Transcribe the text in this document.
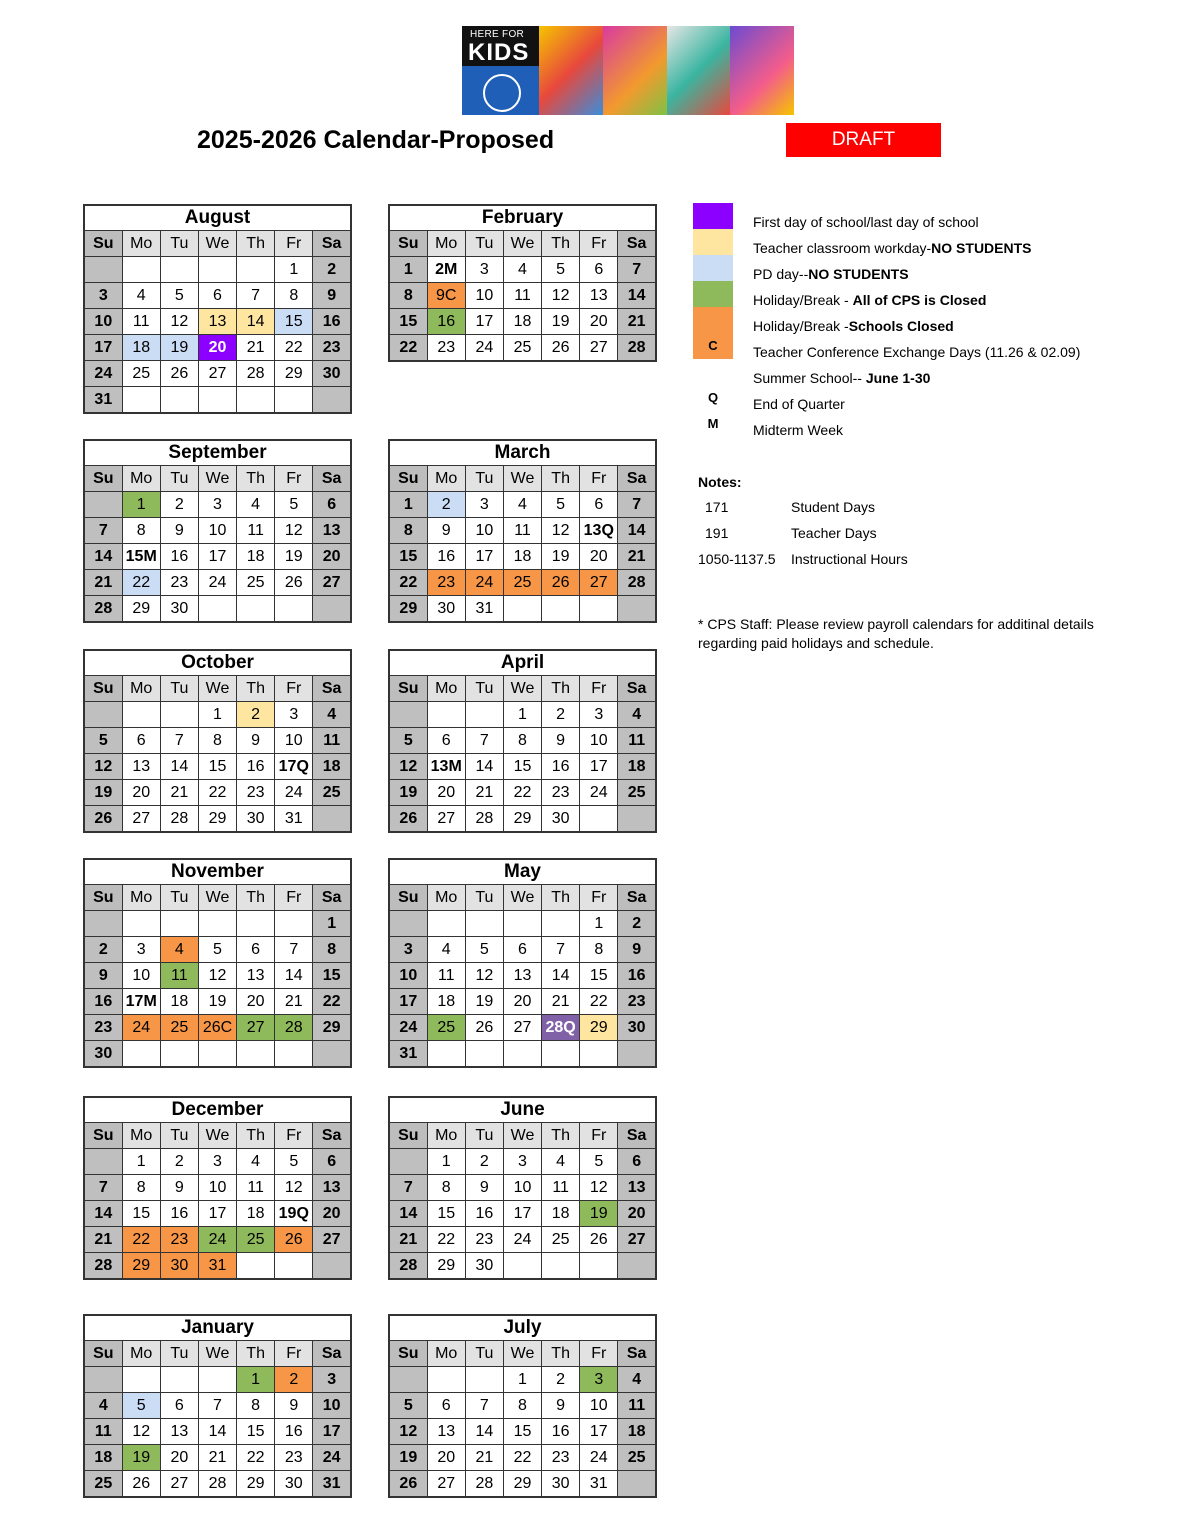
HERE FOR
KIDS
2025-2026 Calendar-Proposed	DRAFT
August						
Su	Mo	Tu	We	Th	Fr	Sa
					1	2
3	4	5	6	7	8	9
10	11	12	13	14	15	16
17	18	19	20	21	22	23
24	25	26	27	28	29	30
31						
September						
Su	Mo	Tu	We	Th	Fr	Sa
	1	2	3	4	5	6
7	8	9	10	11	12	13
14	15M	16	17	18	19	20
21	22	23	24	25	26	27
28	29	30				
October						
Su	Mo	Tu	We	Th	Fr	Sa
			1	2	3	4
5	6	7	8	9	10	11
12	13	14	15	16	17Q	18
19	20	21	22	23	24	25
26	27	28	29	30	31	
November						
Su	Mo	Tu	We	Th	Fr	Sa
						1
2	3	4	5	6	7	8
9	10	11	12	13	14	15
16	17M	18	19	20	21	22
23	24	25	26C	27	28	29
30						
December						
Su	Mo	Tu	We	Th	Fr	Sa
	1	2	3	4	5	6
7	8	9	10	11	12	13
14	15	16	17	18	19Q	20
21	22	23	24	25	26	27
28	29	30	31			
January						
Su	Mo	Tu	We	Th	Fr	Sa
				1	2	3
4	5	6	7	8	9	10
11	12	13	14	15	16	17
18	19	20	21	22	23	24
25	26	27	28	29	30	31
February						
Su	Mo	Tu	We	Th	Fr	Sa
1	2M	3	4	5	6	7
8	9C	10	11	12	13	14
15	16	17	18	19	20	21
22	23	24	25	26	27	28
March						
Su	Mo	Tu	We	Th	Fr	Sa
1	2	3	4	5	6	7
8	9	10	11	12	13Q	14
15	16	17	18	19	20	21
22	23	24	25	26	27	28
29	30	31				
April						
Su	Mo	Tu	We	Th	Fr	Sa
			1	2	3	4
5	6	7	8	9	10	11
12	13M	14	15	16	17	18
19	20	21	22	23	24	25
26	27	28	29	30		
May						
Su	Mo	Tu	We	Th	Fr	Sa
					1	2
3	4	5	6	7	8	9
10	11	12	13	14	15	16
17	18	19	20	21	22	23
24	25	26	27	28Q	29	30
31						
June						
Su	Mo	Tu	We	Th	Fr	Sa
	1	2	3	4	5	6
7	8	9	10	11	12	13
14	15	16	17	18	19	20
21	22	23	24	25	26	27
28	29	30				
July						
Su	Mo	Tu	We	Th	Fr	Sa
			1	2	3	4
5	6	7	8	9	10	11
12	13	14	15	16	17	18
19	20	21	22	23	24	25
26	27	28	29	30	31	
First day of school/last day of school
Teacher classroom workday-NO STUDENTS
PD day--NO STUDENTS
Holiday/Break - All of CPS is Closed
Holiday/Break -Schools Closed
C	Teacher Conference Exchange Days (11.26 & 02.09)
Summer School-- June 1-30
Q	End of Quarter
M	Midterm Week
Notes:
171	Student Days
191	Teacher Days
1050-1137.5 Instructional Hours
* CPS Staff: Please review payroll calendars for additinal details regarding paid holidays and schedule.
